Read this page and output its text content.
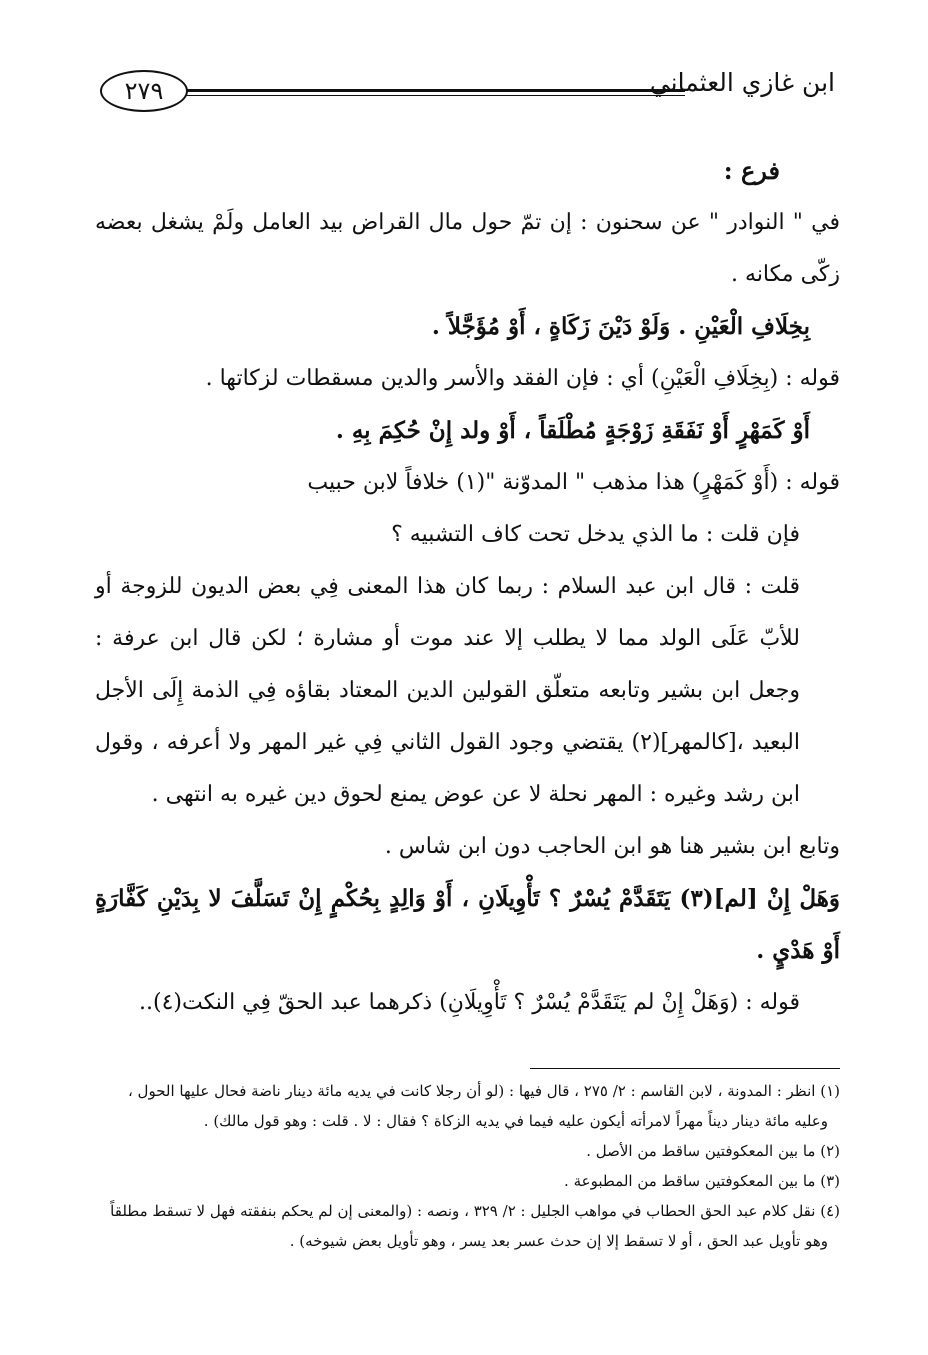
٢٧٩	ابن غازي العثماني

فرع :

في " النوادر " عن سحنون : إن تمّ حول مال القراض بيد العامل ولَمْ يشغل بعضه زكّى مكانه .

بِخِلَافِ الْعَيْنِ . وَلَوْ دَيْنَ زَكَاةٍ ، أَوْ مُؤَجَّلاً .

قوله : (بِخِلَافِ الْعَيْنِ) أي : فإن الفقد والأسر والدين مسقطات لزكاتها .

أَوْ كَمَهْرٍ أَوْ نَفَقَةِ زَوْجَةٍ مُطْلَقاً ، أَوْ ولد إِنْ حُكِمَ بِهِ .

قوله : (أَوْ كَمَهْرٍ) هذا مذهب " المدوّنة "(١) خلافاً لابن حبيب

فإن قلت : ما الذي يدخل تحت كاف التشبيه ؟

قلت : قال ابن عبد السلام : ربما كان هذا المعنى فِي بعض الديون للزوجة أو للأبّ عَلَى الولد مما لا يطلب إلا عند موت أو مشارة ؛ لكن قال ابن عرفة : وجعل ابن بشير وتابعه متعلّق القولين الدين المعتاد بقاؤه فِي الذمة إِلَى الأجل البعيد ،[كالمهر](٢) يقتضي وجود القول الثاني فِي غير المهر ولا أعرفه ، وقول ابن رشد وغيره : المهر نحلة لا عن عوض يمنع لحوق دين غيره به انتهى .

وتابع ابن بشير هنا هو ابن الحاجب دون ابن شاس .

وَهَلْ إِنْ [لم](٣) يَتَقَدَّمْ يُسْرٌ ؟ تَأْوِيلَانِ ، أَوْ وَالِدٍ بِحُكْمٍ إِنْ تَسَلَّفَ لا بِدَيْنِ كَفَّارَةٍ أَوْ هَدْيٍ .

قوله : (وَهَلْ إِنْ لم يَتَقَدَّمْ يُسْرٌ ؟ تَأْوِيلَانِ) ذكرهما عبد الحقّ فِي النكت(٤)..

(١) انظر : المدونة ، لابن القاسم : ٢/ ٢٧٥ ، قال فيها : (لو أن رجلا كانت في يديه مائة دينار ناضة فحال عليها الحول ،

وعليه مائة دينار ديناً مهراً لامرأته أيكون عليه فيما في يديه الزكاة ؟ فقال : لا . قلت : وهو قول مالك) .

(٢) ما بين المعكوفتين ساقط من الأصل .

(٣) ما بين المعكوفتين ساقط من المطبوعة .

(٤) نقل كلام عبد الحق الحطاب في مواهب الجليل : ٢/ ٣٢٩ ، ونصه : (والمعنى إن لم يحكم بنفقته فهل لا تسقط مطلقاً

وهو تأويل عبد الحق ، أو لا تسقط إلا إن حدث عسر بعد يسر ، وهو تأويل بعض شيوخه) .
